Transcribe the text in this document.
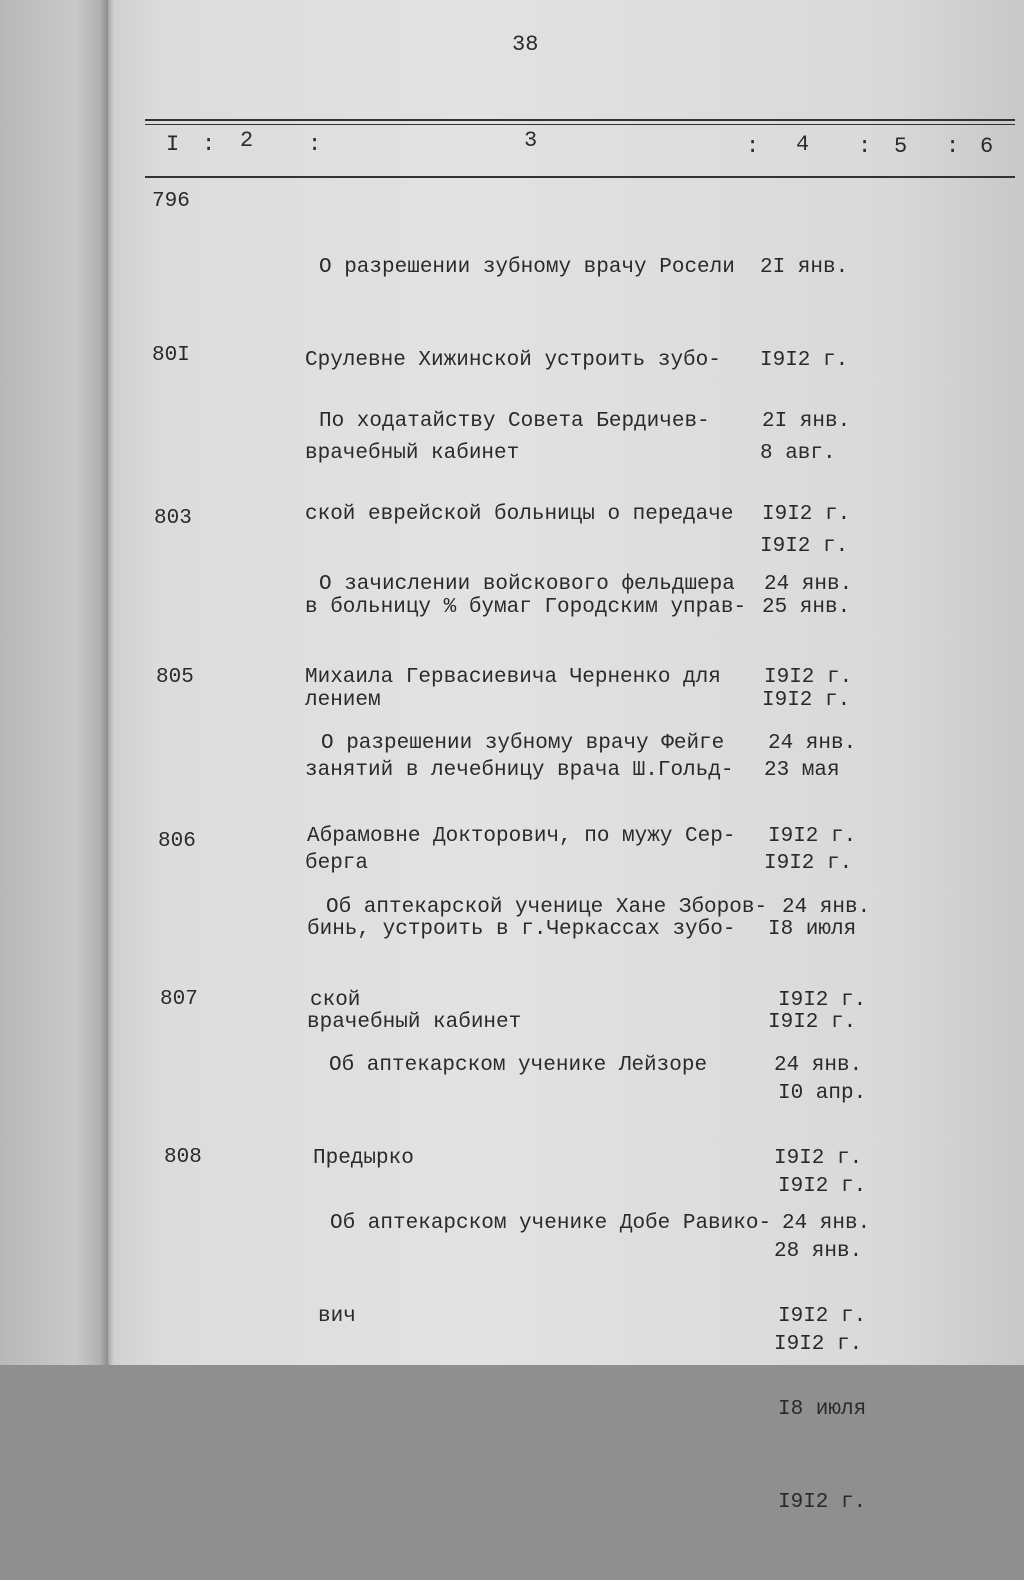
38
I : 2 :	3	: 4 : 5 : 6
796

О разрешении зубному врачу Росели

Срулевне Хижинской устроить зубо-

врачебный кабинет

2I янв.

I9I2 г.

8 авг.

I9I2 г.

80I

По ходатайству Совета Бердичев-

ской еврейской больницы о передаче

в больницу % бумаг Городским управ-

лением

2I янв.

I9I2 г.

25 янв.

I9I2 г.

803

О зачислении войскового фельдшера

Михаила Гервасиевича Черненко для

занятий в лечебницу врача Ш.Гольд-

берга

24 янв.

I9I2 г.

23 мая

I9I2 г.

805

О разрешении зубному врачу Фейге

Абрамовне Докторович, по мужу Сер-

бинь, устроить в г.Черкассах зубо-

врачебный кабинет

24 янв.

I9I2 г.

I8 июля

I9I2 г.

806

Об аптекарской ученице Хане Зборов-

ской

24 янв.

I9I2 г.

I0 апр.

I9I2 г.

807

Об аптекарском ученике Лейзоре

Предырко

24 янв.

I9I2 г.

28 янв.

I9I2 г.

808

Об аптекарском ученике Добе Равико-

вич

24 янв.

I9I2 г.

I8 июля

I9I2 г.
